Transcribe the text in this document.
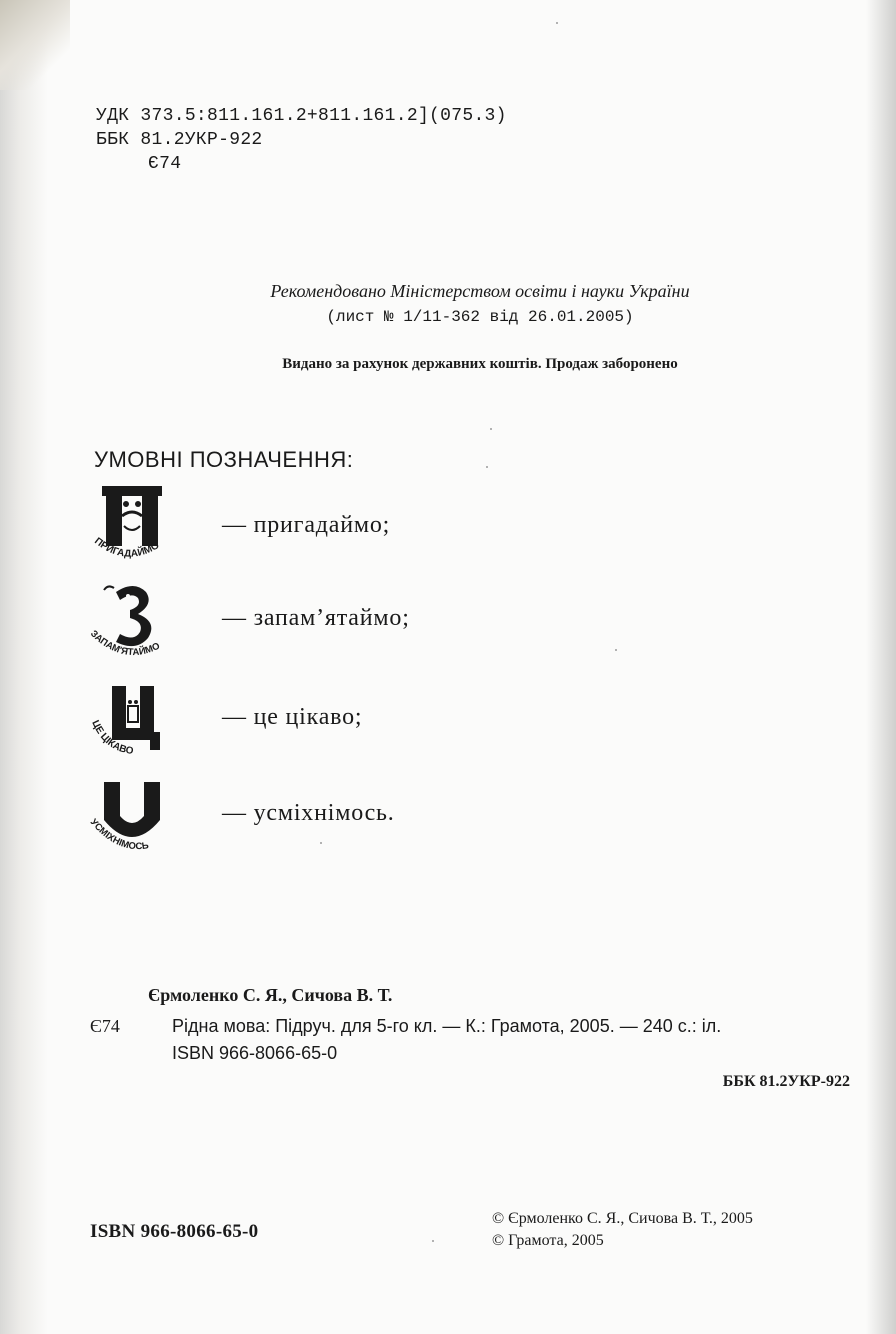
УДК 373.5:811.161.2+811.161.2](075.3)
ББК 81.2УКР-922
Є74
Рекомендовано Міністерством освіти і науки України
(лист № 1/11-362 від 26.01.2005)
Видано за рахунок державних коштів. Продаж заборонено
УМОВНІ ПОЗНАЧЕННЯ:
ПРИГАДАЙМО
— пригадаймо;
ЗАПАМ'ЯТАЙМО
— запам’ятаймо;
ЦЕ ЦІКАВО
— це цікаво;
УСМІХНІМОСЬ
— усміхнімось.
Єрмоленко С. Я., Сичова В. Т.
Є74	Рідна мова: Підруч. для 5-го кл. — К.: Грамота, 2005. — 240 с.: іл.
ISBN 966-8066-65-0
ББК 81.2УКР-922
ISBN 966-8066-65-0
© Єрмоленко С. Я., Сичова В. Т., 2005
© Грамота, 2005
